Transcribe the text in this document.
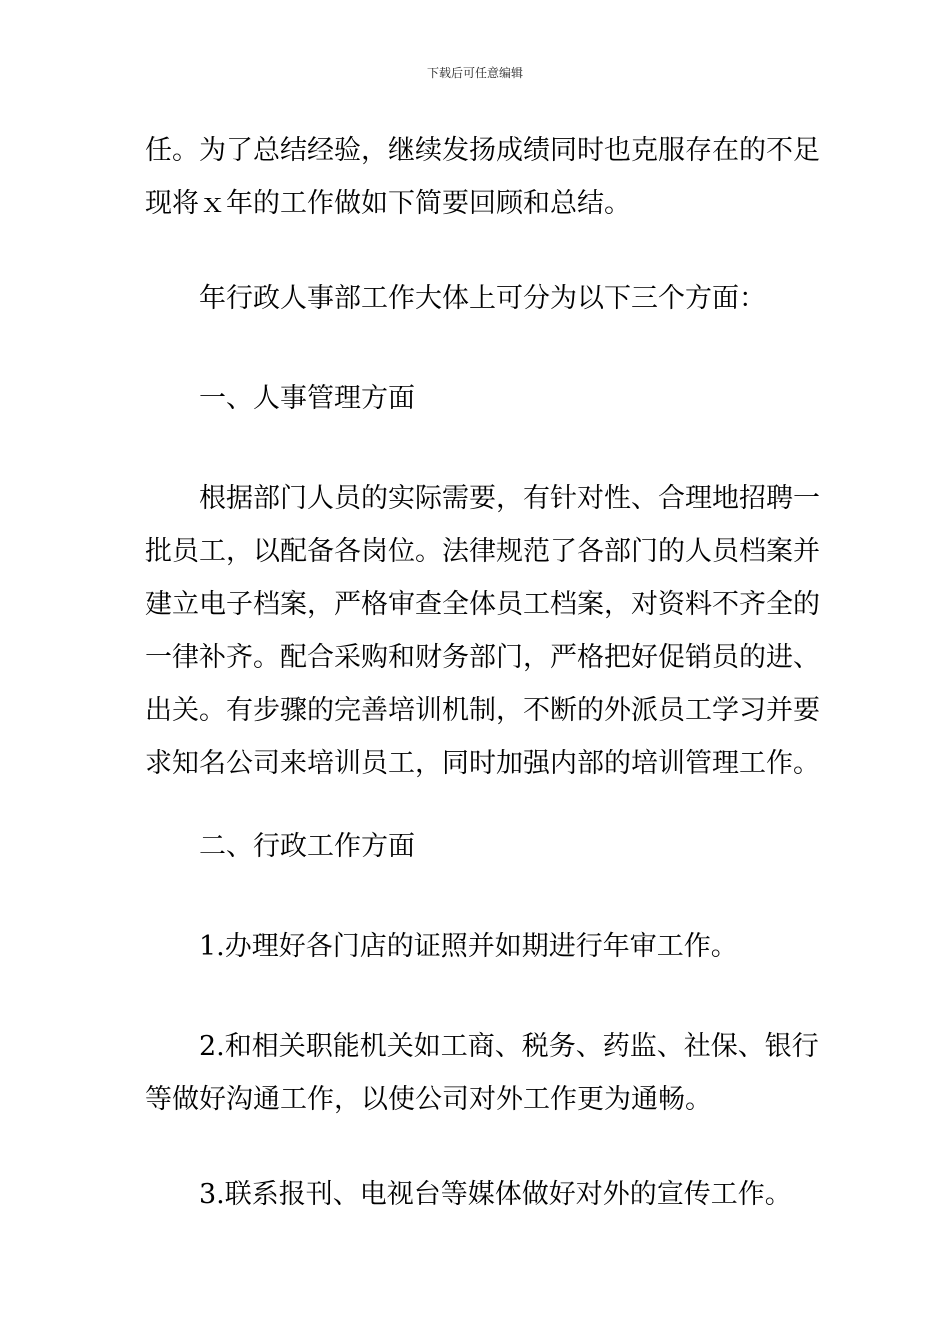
下载后可任意编辑

任。为了总结经验，继续发扬成绩同时也克服存在的不足

现将ｘ年的工作做如下简要回顾和总结。

年行政人事部工作大体上可分为以下三个方面：

一、人事管理方面

根据部门人员的实际需要，有针对性、合理地招聘一

批员工，以配备各岗位。法律规范了各部门的人员档案并

建立电子档案，严格审查全体员工档案，对资料不齐全的

一律补齐。配合采购和财务部门，严格把好促销员的进、

出关。有步骤的完善培训机制，不断的外派员工学习并要

求知名公司来培训员工，同时加强内部的培训管理工作。

二、行政工作方面

1.办理好各门店的证照并如期进行年审工作。

2.和相关职能机关如工商、税务、药监、社保、银行

等做好沟通工作，以使公司对外工作更为通畅。

3.联系报刊、电视台等媒体做好对外的宣传工作。
